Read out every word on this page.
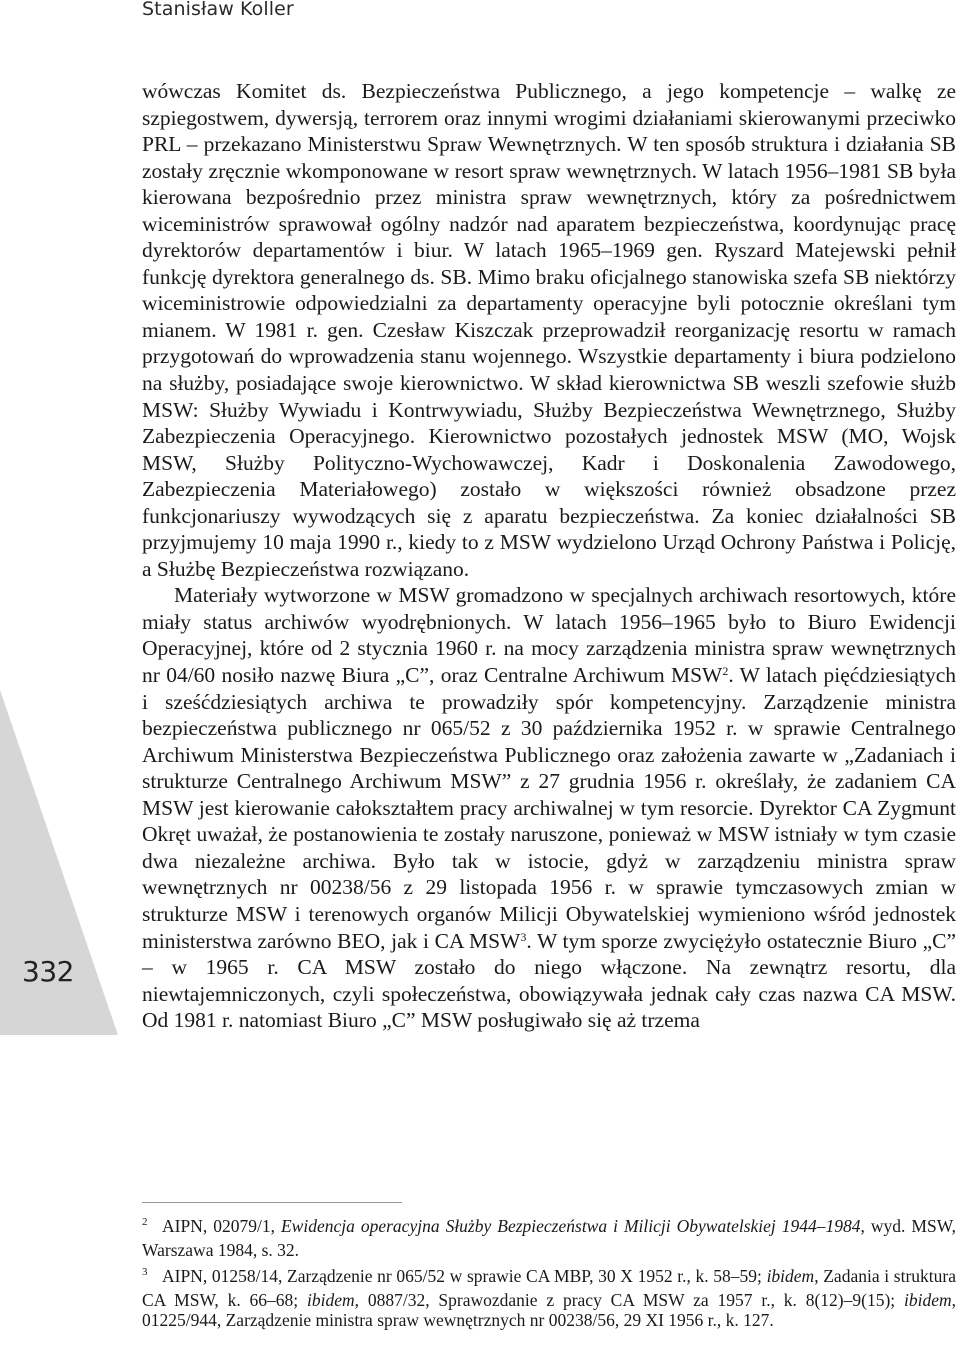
Stanisław Koller
332

wówczas Komitet ds. Bezpieczeństwa Publicznego, a jego kompetencje – walkę ze szpiegostwem, dywersją, terrorem oraz innymi wrogimi działaniami skierowanymi przeciwko PRL – przekazano Ministerstwu Spraw Wewnętrznych. W ten sposób struktura i działania SB zostały zręcznie wkomponowane w resort spraw wewnętrznych. W latach 1956–1981 SB była kierowana bezpośrednio przez ministra spraw wewnętrznych, który za pośrednictwem wiceministrów sprawował ogólny nadzór nad aparatem bezpieczeństwa, koordynując pracę dyrektorów departamentów i biur. W latach 1965–1969 gen. Ryszard Matejewski pełnił funkcję dyrektora generalnego ds. SB. Mimo braku oficjalnego stanowiska szefa SB niektórzy wiceministrowie odpowiedzialni za departamenty operacyjne byli potocznie określani tym mianem. W 1981 r. gen. Czesław Kiszczak przeprowadził reorganizację resortu w ramach przygotowań do wprowadzenia stanu wojennego. Wszystkie departamenty i biura podzielono na służby, posiadające swoje kierownictwo. W skład kierownictwa SB weszli szefowie służb MSW: Służby Wywiadu i Kontrwywiadu, Służby Bezpieczeństwa Wewnętrznego, Służby Zabezpieczenia Operacyjnego. Kierownictwo pozostałych jednostek MSW (MO, Wojsk MSW, Służby Polityczno-Wychowawczej, Kadr i Doskonalenia Zawodowego, Zabezpieczenia Materiałowego) zostało w większości również obsadzone przez funkcjonariuszy wywodzących się z aparatu bezpieczeństwa. Za koniec działalności SB przyjmujemy 10 maja 1990 r., kiedy to z MSW wydzielono Urząd Ochrony Państwa i Policję, a Służbę Bezpieczeństwa rozwiązano.

Materiały wytworzone w MSW gromadzono w specjalnych archiwach resortowych, które miały status archiwów wyodrębnionych. W latach 1956–1965 było to Biuro Ewidencji Operacyjnej, które od 2 stycznia 1960 r. na mocy zarządzenia ministra spraw wewnętrznych nr 04/60 nosiło nazwę Biura „C”, oraz Centralne Archiwum MSW$^2$. W latach pięćdziesiątych i sześćdziesiątych archiwa te prowadziły spór kompetencyjny. Zarządzenie ministra bezpieczeństwa publicznego nr 065/52 z 30 października 1952 r. w sprawie Centralnego Archiwum Ministerstwa Bezpieczeństwa Publicznego oraz założenia zawarte w „Zadaniach i strukturze Centralnego Archiwum MSW” z 27 grudnia 1956 r. określały, że zadaniem CA MSW jest kierowanie całokształtem pracy archiwalnej w tym resorcie. Dyrektor CA Zygmunt Okręt uważał, że postanowienia te zostały naruszone, ponieważ w MSW istniały w tym czasie dwa niezależne archiwa. Było tak w istocie, gdyż w zarządzeniu ministra spraw wewnętrznych nr 00238/56 z 29 listopada 1956 r. w sprawie tymczasowych zmian w strukturze MSW i terenowych organów Milicji Obywatelskiej wymieniono wśród jednostek ministerstwa zarówno BEO, jak i CA MSW$^3$. W tym sporze zwyciężyło ostatecznie Biuro „C” – w 1965 r. CA MSW zostało do niego włączone. Na zewnątrz resortu, dla niewtajemniczonych, czyli społeczeństwa, obowiązywała jednak cały czas nazwa CA MSW. Od 1981 r. natomiast Biuro „C” MSW posługiwało się aż trzema

2 AIPN, 02079/1, Ewidencja operacyjna Służby Bezpieczeństwa i Milicji Obywatelskiej 1944–1984, wyd. MSW, Warszawa 1984, s. 32.

3 AIPN, 01258/14, Zarządzenie nr 065/52 w sprawie CA MBP, 30 X 1952 r., k. 58–59; ibidem, Zadania i struktura CA MSW, k. 66–68; ibidem, 0887/32, Sprawozdanie z pracy CA MSW za 1957 r., k. 8(12)–9(15); ibidem, 01225/944, Zarządzenie ministra spraw wewnętrznych nr 00238/56, 29 XI 1956 r., k. 127.
